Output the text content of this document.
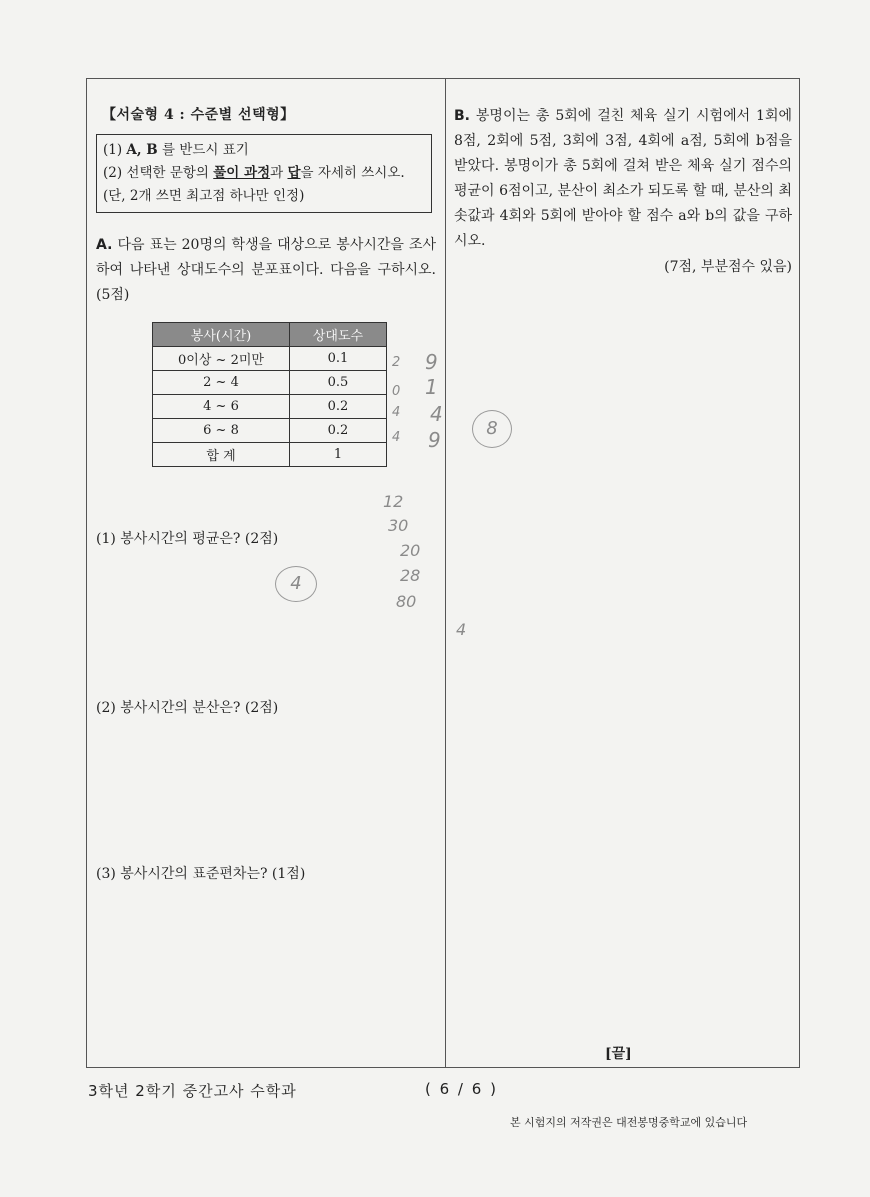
【서술형 4 : 수준별 선택형】
(1) A, B 를 반드시 표기
(2) 선택한 문항의 풀이 과정과 답을 자세히 쓰시오. (단, 2개 쓰면 최고점 하나만 인정)
A. 다음 표는 20명의 학생을 대상으로 봉사시간을 조사하여 나타낸 상대도수의 분포표이다. 다음을 구하시오. (5점)
봉사(시간)	상대도수
0이상 ~ 2미만	0.1
2 ~ 4	0.5
4 ~ 6	0.2
6 ~ 8	0.2
합 계	1
(1) 봉사시간의 평균은? (2점)
(2) 봉사시간의 분산은? (2점)
(3) 봉사시간의 표준편차는? (1점)
B. 봉명이는 총 5회에 걸친 체육 실기 시험에서 1회에 8점, 2회에 5점, 3회에 3점, 4회에 a점, 5회에 b점을 받았다. 봉명이가 총 5회에 걸쳐 받은 체육 실기 점수의 평균이 6점이고, 분산이 최소가 되도록 할 때, 분산의 최솟값과 4회와 5회에 받아야 할 점수 a와 b의 값을 구하시오.
(7점, 부분점수 있음)
[끝]
3학년 2학기 중간고사 수학과	( 6 / 6 )
본 시험지의 저작권은 대전봉명중학교에 있습니다
2
0
4
4
9
1
4
9
12
30
20
28
80
4
8
4
